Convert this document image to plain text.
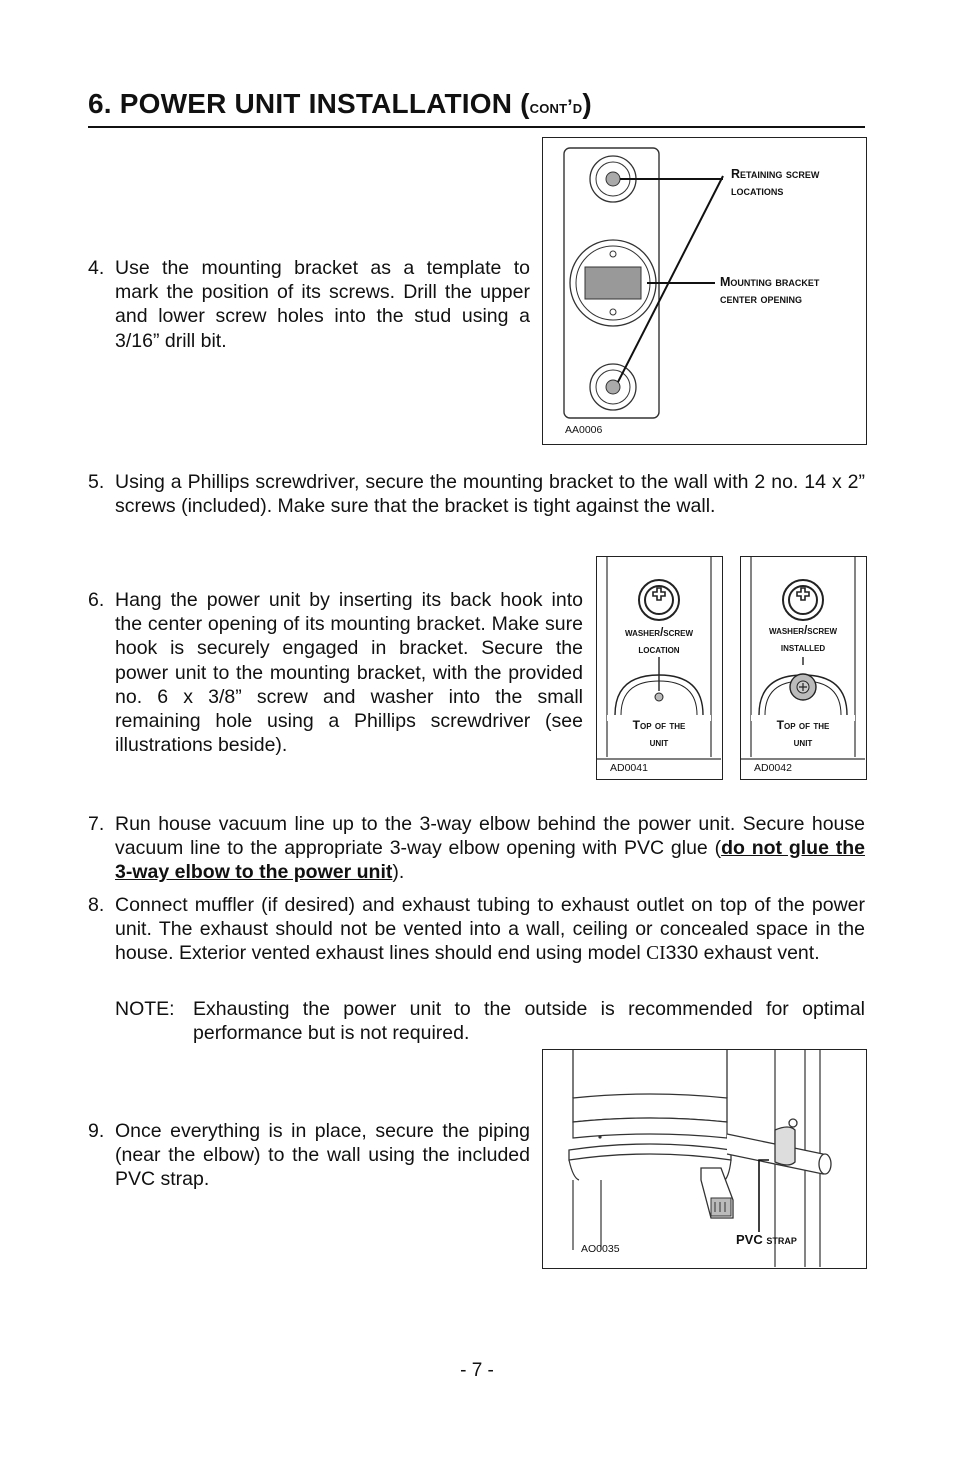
6. POWER UNIT INSTALLATION (cont’d)
4. Use the mounting bracket as a template to mark the position of its screws. Drill the upper and lower screw holes into the stud using a 3/16” drill bit.
Retaining screw
locations
Mounting bracket
center opening
AA0006
5. Using a Phillips screwdriver, secure the mounting bracket to the wall with 2 no. 14 x 2” screws (included). Make sure that the bracket is tight against the wall.
6. Hang the power unit by inserting its back hook into the center opening of its mounting bracket. Make sure hook is securely engaged in bracket. Secure the power unit to the mounting bracket, with the provided no. 6 x 3/8” screw and washer into the small remaining hole using a Phillips screwdriver (see illustrations beside).
washer/screw
location
Top of the
unit
AD0041
washer/screw
installed
Top of the
unit
AD0042
7. Run house vacuum line up to the 3-way elbow behind the power unit. Secure house vacuum line to the appropriate 3-way elbow opening with PVC glue (do not glue the 3-way elbow to the power unit).
8. Connect muffler (if desired) and exhaust tubing to exhaust outlet on top of the power unit. The exhaust should not be vented into a wall, ceiling or concealed space in the house. Exterior vented exhaust lines should end using model CI330 exhaust vent.
NOTE: Exhausting the power unit to the outside is recommended for optimal performance but is not required.
9. Once everything is in place, secure the piping (near the elbow) to the wall using the included PVC strap.
PVC strap
AO0035
- 7 -
